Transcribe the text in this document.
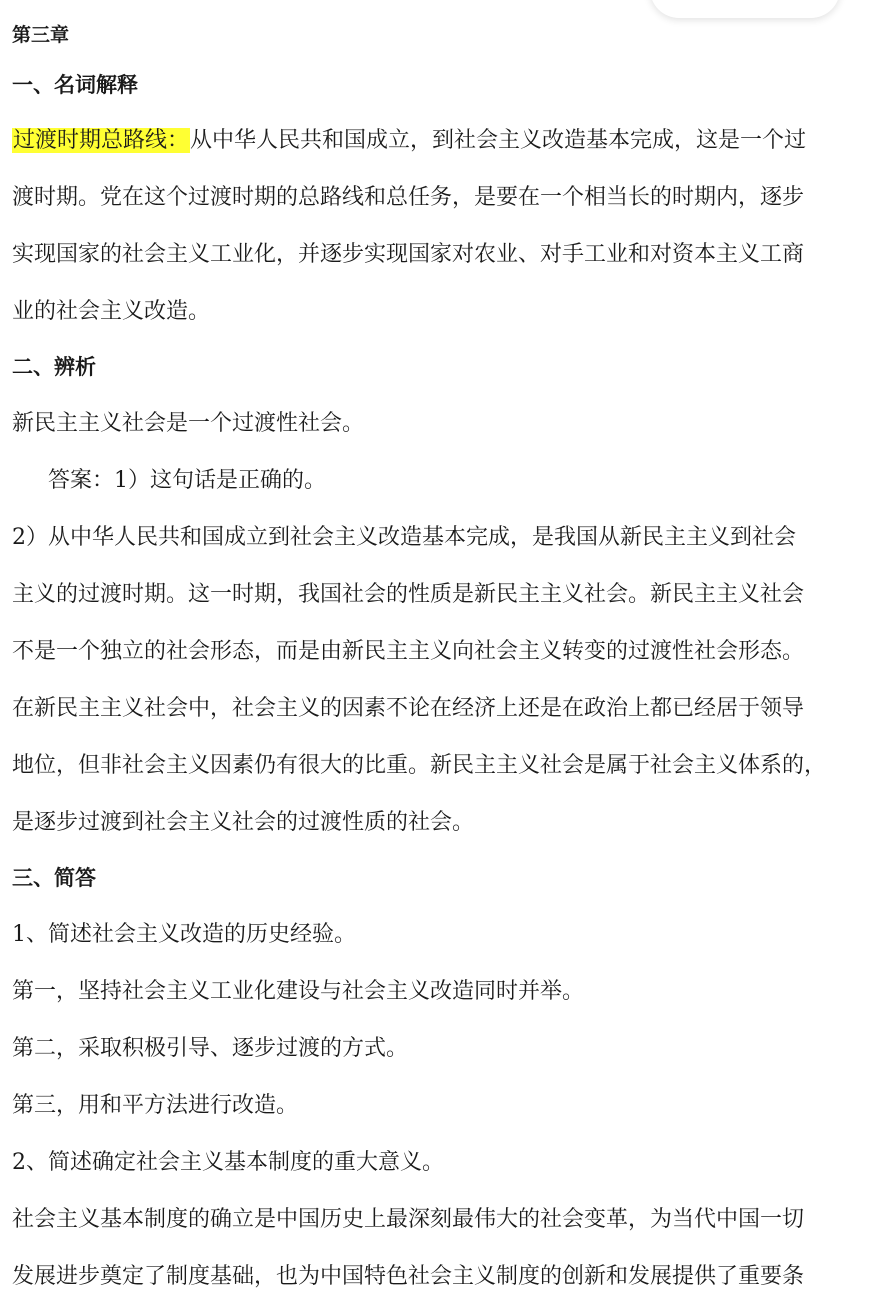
第三章
一、名词解释
过渡时期总路线：从中华人民共和国成立，到社会主义改造基本完成，这是一个过
渡时期。党在这个过渡时期的总路线和总任务，是要在一个相当长的时期内，逐步
实现国家的社会主义工业化，并逐步实现国家对农业、对手工业和对资本主义工商
业的社会主义改造。
二、辨析
新民主主义社会是一个过渡性社会。
答案：1）这句话是正确的。
2）从中华人民共和国成立到社会主义改造基本完成，是我国从新民主主义到社会
主义的过渡时期。这一时期，我国社会的性质是新民主主义社会。新民主主义社会
不是一个独立的社会形态，而是由新民主主义向社会主义转变的过渡性社会形态。
在新民主主义社会中，社会主义的因素不论在经济上还是在政治上都已经居于领导
地位，但非社会主义因素仍有很大的比重。新民主主义社会是属于社会主义体系的，
是逐步过渡到社会主义社会的过渡性质的社会。
三、简答
1、简述社会主义改造的历史经验。
第一，坚持社会主义工业化建设与社会主义改造同时并举。
第二，采取积极引导、逐步过渡的方式。
第三，用和平方法进行改造。
2、简述确定社会主义基本制度的重大意义。
社会主义基本制度的确立是中国历史上最深刻最伟大的社会变革，为当代中国一切
发展进步奠定了制度基础，也为中国特色社会主义制度的创新和发展提供了重要条
